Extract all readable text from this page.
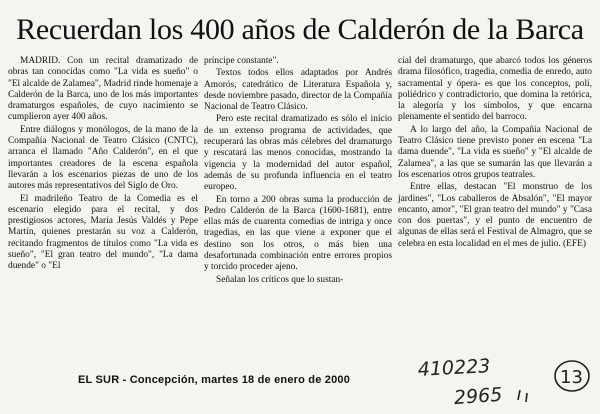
Recuerdan los 400 años de Calderón de la Barca

MADRID. Con un recital dramatizado de obras tan conocidas como "La vida es sueño" o "El alcalde de Zalamea", Madrid rinde homenaje a Calderón de la Barca, uno de los más importantes dramaturgos españoles, de cuyo nacimiento se cumplieron ayer 400 años.

Entre diálogos y monólogos, de la mano de la Compañía Nacional de Teatro Clásico (CNTC), arranca el llamado "Año Calderón", en el que importantes creadores de la escena española llevarán a los escenarios piezas de uno de los autores más representativos del Siglo de Oro.

El madrileño Teatro de la Comedia es el escenario elegido para el recital, y dos prestigiosos actores, María Jesús Valdés y Pepe Martín, quienes prestarán su voz a Calderón, recitando fragmentos de títulos como "La vida es sueño", "El gran teatro del mundo", "La dama duende" o "El

príncipe constante".

Textos todos ellos adaptados por Andrés Amorós, catedrático de Literatura Española y, desde noviembre pasado, director de la Compañía Nacional de Teatro Clásico.

Pero este recital dramatizado es sólo el inicio de un extenso programa de actividades, que recuperará las obras más célebres del dramaturgo y rescatará las menos conocidas, mostrando la vigencia y la modernidad del autor español, además de su profunda influencia en el teatro europeo.

En torno a 200 obras suma la producción de Pedro Calderón de la Barca (1600-1681), entre ellas más de cuarenta comedias de intriga y once tragedias, en las que viene a exponer que el destino son los otros, o más bien una desafortunada combinación entre errores propios y torcido proceder ajeno.

Señalan los críticos que lo sustan-

cial del dramaturgo, que abarcó todos los géneros drama filosófico, tragedia, comedia de enredo, auto sacramental y ópera- es que los conceptos, polí, poliédrico y contradictorio, que domina la retórica, la alegoría y los símbolos, y que encarna plenamente el sentido del barroco.

A lo largo del año, la Compañía Nacional de Teatro Clásico tiene previsto poner en escena "La dama duende", "La vida es sueño" y "El alcalde de Zalamea", a las que se sumarán las que llevarán a los escenarios otros grupos teatrales.

Entre ellas, destacan "El monstruo de los jardines", "Los caballeros de Absalón", "El mayor encanto, amor", "El gran teatro del mundo" y "Casa con dos puertas", y el punto de encuentro de algunas de ellas será el Festival de Almagro, que se celebra en esta localidad en el mes de julio. (EFE)

EL SUR - Concepción, martes 18 de enero de 2000	410223
2965
13
